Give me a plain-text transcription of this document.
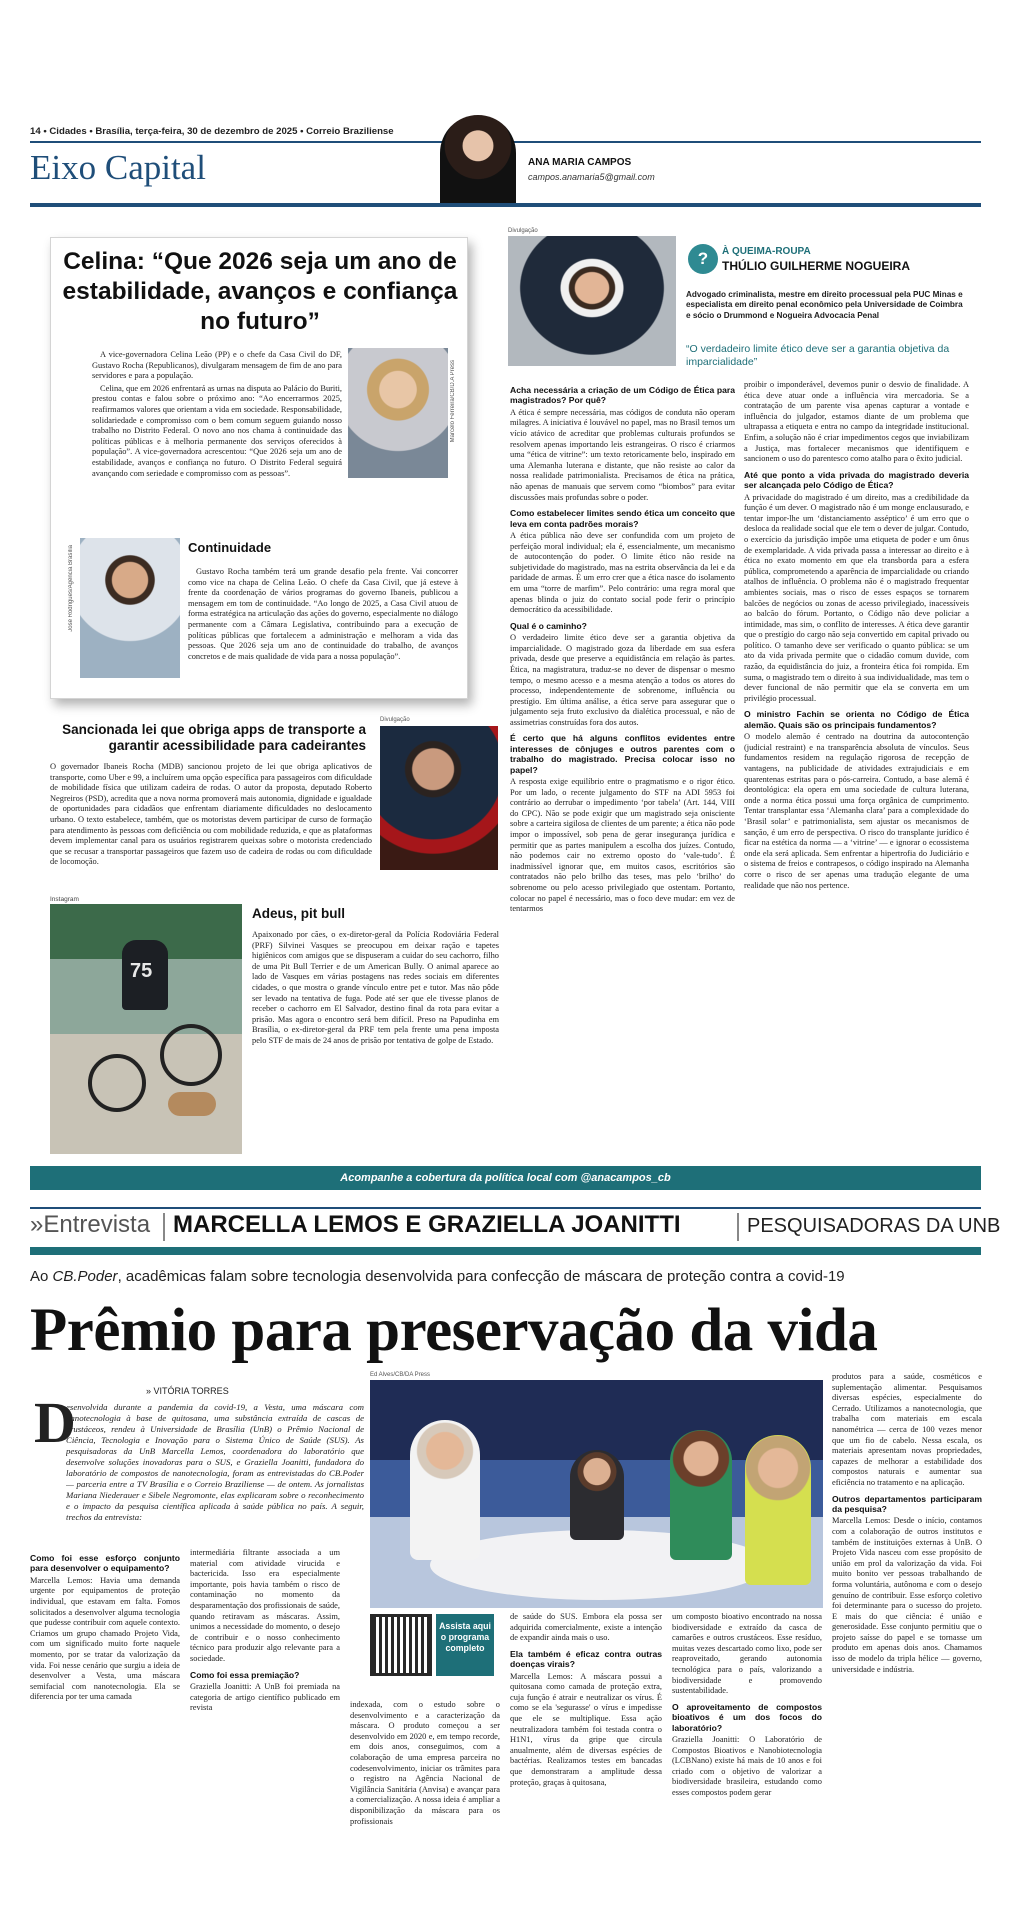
14 • Cidades • Brasília, terça-feira, 30 de dezembro de 2025 • Correio Braziliense
Eixo Capital	ANA MARIA CAMPOS
campos.anamaria5@gmail.com
Celina: “Que 2026 seja um ano de estabilidade, avanços e confiança no futuro”
Marcelo Ferreira/CB/D.A Press

A vice-governadora Celina Leão (PP) e o chefe da Casa Civil do DF, Gustavo Rocha (Republicanos), divulgaram mensagem de fim de ano para servidores e para a população.

Celina, que em 2026 enfrentará as urnas na disputa ao Palácio do Buriti, prestou contas e falou sobre o próximo ano: “Ao encerrarmos 2025, reafirmamos valores que orientam a vida em sociedade. Responsabilidade, solidariedade e compromisso com o bem comum seguem guiando nosso trabalho no Distrito Federal. O novo ano nos chama à continuidade das políticas públicas e à melhoria permanente dos serviços oferecidos à população”. A vice-governadora acrescentou: “Que 2026 seja um ano de estabilidade, avanços e confiança no futuro. O Distrito Federal seguirá avançando com seriedade e compromisso com as pessoas”.

José Rodrigues/Agência Brasília	Continuidade

Gustavo Rocha também terá um grande desafio pela frente. Vai concorrer como vice na chapa de Celina Leão. O chefe da Casa Civil, que já esteve à frente da coordenação de vários programas do governo Ibaneis, publicou a mensagem em tom de continuidade. “Ao longo de 2025, a Casa Civil atuou de forma estratégica na articulação das ações do governo, especialmente no diálogo permanente com a Câmara Legislativa, contribuindo para a execução de políticas públicas que fortalecem a administração e melhoram a vida das pessoas. Que 2026 seja um ano de continuidade do trabalho, de avanços concretos e de mais qualidade de vida para a nossa população”.

Divulgação
Sancionada lei que obriga apps de transporte a garantir acessibilidade para cadeirantes
O governador Ibaneis Rocha (MDB) sancionou projeto de lei que obriga aplicativos de transporte, como Uber e 99, a incluírem uma opção específica para passageiros com dificuldade de mobilidade física que utilizam cadeira de rodas. O autor da proposta, deputado Roberto Negreiros (PSD), acredita que a nova norma promoverá mais autonomia, dignidade e igualdade de oportunidades para cidadãos que enfrentam diariamente dificuldades no deslocamento urbano. O texto estabelece, também, que os motoristas devem participar de curso de formação para atendimento às pessoas com deficiência ou com mobilidade reduzida, e que as plataformas devem implementar canal para os usuários registrarem queixas sobre o motorista credenciado que se recusar a transportar passageiros que fazem uso de cadeira de rodas ou com dificuldade de locomoção.
Instagram
75
Adeus, pit bull
Apaixonado por cães, o ex-diretor-geral da Polícia Rodoviária Federal (PRF) Silvinei Vasques se preocupou em deixar ração e tapetes higiênicos com amigos que se dispuseram a cuidar do seu cachorro, filho de uma Pit Bull Terrier e de um American Bully. O animal aparece ao lado de Vasques em várias postagens nas redes sociais em diferentes cidades, o que mostra o grande vínculo entre pet e tutor. Mas não pôde ser levado na tentativa de fuga. Pode até ser que ele tivesse planos de receber o cachorro em El Salvador, destino final da rota para evitar a prisão. Mas agora o encontro será bem difícil. Preso na Papudinha em Brasília, o ex-diretor-geral da PRF tem pela frente uma pena imposta pelo STF de mais de 24 anos de prisão por tentativa de golpe de Estado.
Divulgação
?	À QUEIMA-ROUPA
THÚLIO GUILHERME NOGUEIRA
Advogado criminalista, mestre em direito processual pela PUC Minas e especialista em direito penal econômico pela Universidade de Coimbra e sócio o Drummond e Nogueira Advocacia Penal
“O verdadeiro limite ético deve ser a garantia objetiva da imparcialidade”
Acha necessária a criação de um Código de Ética para magistrados? Por quê?
A ética é sempre necessária, mas códigos de conduta não operam milagres. A iniciativa é louvável no papel, mas no Brasil temos um vício atávico de acreditar que problemas culturais profundos se resolvem apenas importando leis estrangeiras. O risco é criarmos uma “ética de vitrine”: um texto retoricamente belo, inspirado em uma Alemanha luterana e distante, que não resiste ao calor da nossa realidade patrimonialista. Precisamos de ética na prática, não apenas de manuais que servem como “biombos” para evitar discussões mais profundas sobre o poder.
Como estabelecer limites sendo ética um conceito que leva em conta padrões morais?
A ética pública não deve ser confundida com um projeto de perfeição moral individual; ela é, essencialmente, um mecanismo de autocontenção do poder. O limite ético não reside na subjetividade do magistrado, mas na estrita observância da lei e da paridade de armas. É um erro crer que a ética nasce do isolamento em uma “torre de marfim”. Pelo contrário: uma regra moral que apenas blinda o juiz do contato social pode ferir o princípio democrático da acessibilidade.
Qual é o caminho?
O verdadeiro limite ético deve ser a garantia objetiva da imparcialidade. O magistrado goza da liberdade em sua esfera privada, desde que preserve a equidistância em relação às partes. Ética, na magistratura, traduz-se no dever de dispensar o mesmo tempo, o mesmo acesso e a mesma atenção a todos os atores do processo, independentemente de sobrenome, influência ou prestígio. Em última análise, a ética serve para assegurar que o julgamento seja fruto exclusivo da dialética processual, e não de assimetrias construídas fora dos autos.
É certo que há alguns conflitos evidentes entre interesses de cônjuges e outros parentes com o trabalho do magistrado. Precisa colocar isso no papel?
A resposta exige equilíbrio entre o pragmatismo e o rigor ético. Por um lado, o recente julgamento do STF na ADI 5953 foi contrário ao derrubar o impedimento ‘por tabela’ (Art. 144, VIII do CPC). Não se pode exigir que um magistrado seja onisciente sobre a carteira sigilosa de clientes de um parente; a ética não pode impor o impossível, sob pena de gerar insegurança jurídica e permitir que as partes manipulem a escolha dos juízes. Contudo, não podemos cair no extremo oposto do ‘vale-tudo’. É inadmissível ignorar que, em muitos casos, escritórios são contratados não pelo brilho das teses, mas pelo ‘brilho’ do sobrenome ou pelo acesso privilegiado que ostentam. Portanto, colocar no papel é necessário, mas o foco deve mudar: em vez de tentarmos
proibir o imponderável, devemos punir o desvio de finalidade. A ética deve atuar onde a influência vira mercadoria. Se a contratação de um parente visa apenas capturar a vontade e influência do julgador, estamos diante de um problema que ultrapassa a etiqueta e entra no campo da integridade institucional. Enfim, a solução não é criar impedimentos cegos que inviabilizam a Justiça, mas fortalecer mecanismos que identifiquem e sancionem o uso do parentesco como atalho para o êxito judicial.
Até que ponto a vida privada do magistrado deveria ser alcançada pelo Código de Ética?
A privacidade do magistrado é um direito, mas a credibilidade da função é um dever. O magistrado não é um monge enclausurado, e tentar impor-lhe um ‘distanciamento asséptico’ é um erro que o desloca da realidade social que ele tem o dever de julgar. Contudo, o exercício da jurisdição impõe uma etiqueta de poder e um ônus de exemplaridade. A vida privada passa a interessar ao direito e à ética no exato momento em que ela transborda para a esfera pública, comprometendo a aparência de imparcialidade ou criando atalhos de influência. O problema não é o magistrado frequentar ambientes sociais, mas o risco de esses espaços se tornarem balcões de negócios ou zonas de acesso privilegiado, inacessíveis ao balcão do fórum. Portanto, o Código não deve policiar a intimidade, mas sim, o conflito de interesses. A ética deve garantir que o prestígio do cargo não seja convertido em capital privado ou político. O tamanho deve ser verificado o quanto pública: se um ato da vida privada permite que o cidadão comum duvide, com razão, da equidistância do juiz, a fronteira ética foi rompida. Em suma, o magistrado tem o direito à sua individualidade, mas tem o dever funcional de não permitir que ela se converta em um privilégio processual.
O ministro Fachin se orienta no Código de Ética alemão. Quais são os principais fundamentos?
O modelo alemão é centrado na doutrina da autocontenção (judicial restraint) e na transparência absoluta de vínculos. Seus fundamentos residem na regulação rigorosa de recepção de vantagens, na publicidade de atividades extrajudiciais e em quarentenas estritas para o pós-carreira. Contudo, a base alemã é deontológica: ela opera em uma sociedade de cultura luterana, onde a norma ética possui uma força orgânica de cumprimento. Tentar transplantar essa ‘Alemanha clara’ para a complexidade do ‘Brasil solar’ e patrimonialista, sem ajustar os mecanismos de sanção, é um erro de perspectiva. O risco do transplante jurídico é ficar na estética da norma — a ‘vitrine’ — e ignorar o ecossistema onde ela será aplicada. Sem enfrentar a hipertrofia do Judiciário e o sistema de freios e contrapesos, o código inspirado na Alemanha corre o risco de ser apenas uma tradução elegante de uma realidade que não nos pertence.
Acompanhe a cobertura da política local com @anacampos_cb
»Entrevista MARCELLA LEMOS E GRAZIELLA JOANITTI	PESQUISADORAS DA UNB
Ao CB.Poder, acadêmicas falam sobre tecnologia desenvolvida para confecção de máscara de proteção contra a covid-19
Prêmio para preservação da vida
» VITÓRIA TORRES
D
esenvolvida durante a pandemia da covid-19, a Vesta, uma máscara com nanotecnologia à base de quitosana, uma substância extraída de cascas de crustáceos, rendeu à Universidade de Brasília (UnB) o Prêmio Nacional de Ciência, Tecnologia e Inovação para o Sistema Único de Saúde (SUS). As pesquisadoras da UnB Marcella Lemos, coordenadora do laboratório que desenvolve soluções inovadoras para o SUS, e Graziella Joanitti, fundadora do laboratório de compostos de nanotecnologia, foram as entrevistadas do CB.Poder — parceria entre a TV Brasília e o Correio Braziliense — de ontem. As jornalistas Mariana Niederauer e Sibele Negromonte, elas explicaram sobre o reconhecimento e o impacto da pesquisa científica aplicada à saúde pública no país. A seguir, trechos da entrevista:
Ed Alves/CB/DA Press
Assista aqui o programa completo
Como foi esse esforço conjunto para desenvolver o equipamento?
Marcella Lemos: Havia uma demanda urgente por equipamentos de proteção individual, que estavam em falta. Fomos solicitados a desenvolver alguma tecnologia que pudesse contribuir com aquele contexto. Criamos um grupo chamado Projeto Vida, com um significado muito forte naquele momento, por se tratar da valorização da vida. Foi nesse cenário que surgiu a ideia de desenvolver a Vesta, uma máscara semifacial com nanotecnologia. Ela se diferencia por ter uma camada
intermediária filtrante associada a um material com atividade virucida e bactericida. Isso era especialmente importante, pois havia também o risco de contaminação no momento da desparamentação dos profissionais de saúde, quando retiravam as máscaras. Assim, unimos a necessidade do momento, o desejo de contribuir e o nosso conhecimento técnico para produzir algo relevante para a sociedade.
Como foi essa premiação?
Graziella Joanitti: A UnB foi premiada na categoria de artigo científico publicado em revista	indexada, com o estudo sobre o desenvolvimento e a caracterização da máscara. O produto começou a ser desenvolvido em 2020 e, em tempo recorde, em dois anos, conseguimos, com a colaboração de uma empresa parceira no codesenvolvimento, iniciar os trâmites para o registro na Agência Nacional de Vigilância Sanitária (Anvisa) e avançar para a comercialização. A nossa ideia é ampliar a disponibilização da máscara para os profissionais
de saúde do SUS. Embora ela possa ser adquirida comercialmente, existe a intenção de expandir ainda mais o uso.
Ela também é eficaz contra outras doenças virais?
Marcella Lemos: A máscara possui a quitosana como camada de proteção extra, cuja função é atrair e neutralizar os vírus. É como se ela 'segurasse' o vírus e impedisse que ele se multiplique. Essa ação neutralizadora também foi testada contra o H1N1, vírus da gripe que circula anualmente, além de diversas espécies de bactérias. Realizamos testes em bancadas que demonstraram a amplitude dessa proteção, graças à quitosana,
um composto bioativo encontrado na nossa biodiversidade e extraído da casca de camarões e outros crustáceos. Esse resíduo, muitas vezes descartado como lixo, pode ser reaproveitado, gerando autonomia tecnológica para o país, valorizando a biodiversidade e promovendo sustentabilidade.
O aproveitamento de compostos bioativos é um dos focos do laboratório?
Graziella Joanitti: O Laboratório de Compostos Bioativos e Nanobiotecnologia (LCBNano) existe há mais de 10 anos e foi criado com o objetivo de valorizar a biodiversidade brasileira, estudando como esses compostos podem gerar
produtos para a saúde, cosméticos e suplementação alimentar. Pesquisamos diversas espécies, especialmente do Cerrado. Utilizamos a nanotecnologia, que trabalha com materiais em escala nanométrica — cerca de 100 vezes menor que um fio de cabelo. Nessa escala, os materiais apresentam novas propriedades, capazes de melhorar a estabilidade dos compostos naturais e aumentar sua eficiência no tratamento e na aplicação.
Outros departamentos participaram da pesquisa?
Marcella Lemos: Desde o início, contamos com a colaboração de outros institutos e também de instituições externas à UnB. O Projeto Vida nasceu com esse propósito de união em prol da valorização da vida. Foi muito bonito ver pessoas trabalhando de forma voluntária, autônoma e com o desejo genuíno de contribuir. Esse esforço coletivo foi determinante para o sucesso do projeto. E mais do que ciência: é união e generosidade. Esse conjunto permitiu que o projeto saísse do papel e se tornasse um produto em apenas dois anos. Chamamos isso de modelo da tripla hélice — governo, universidade e indústria.
